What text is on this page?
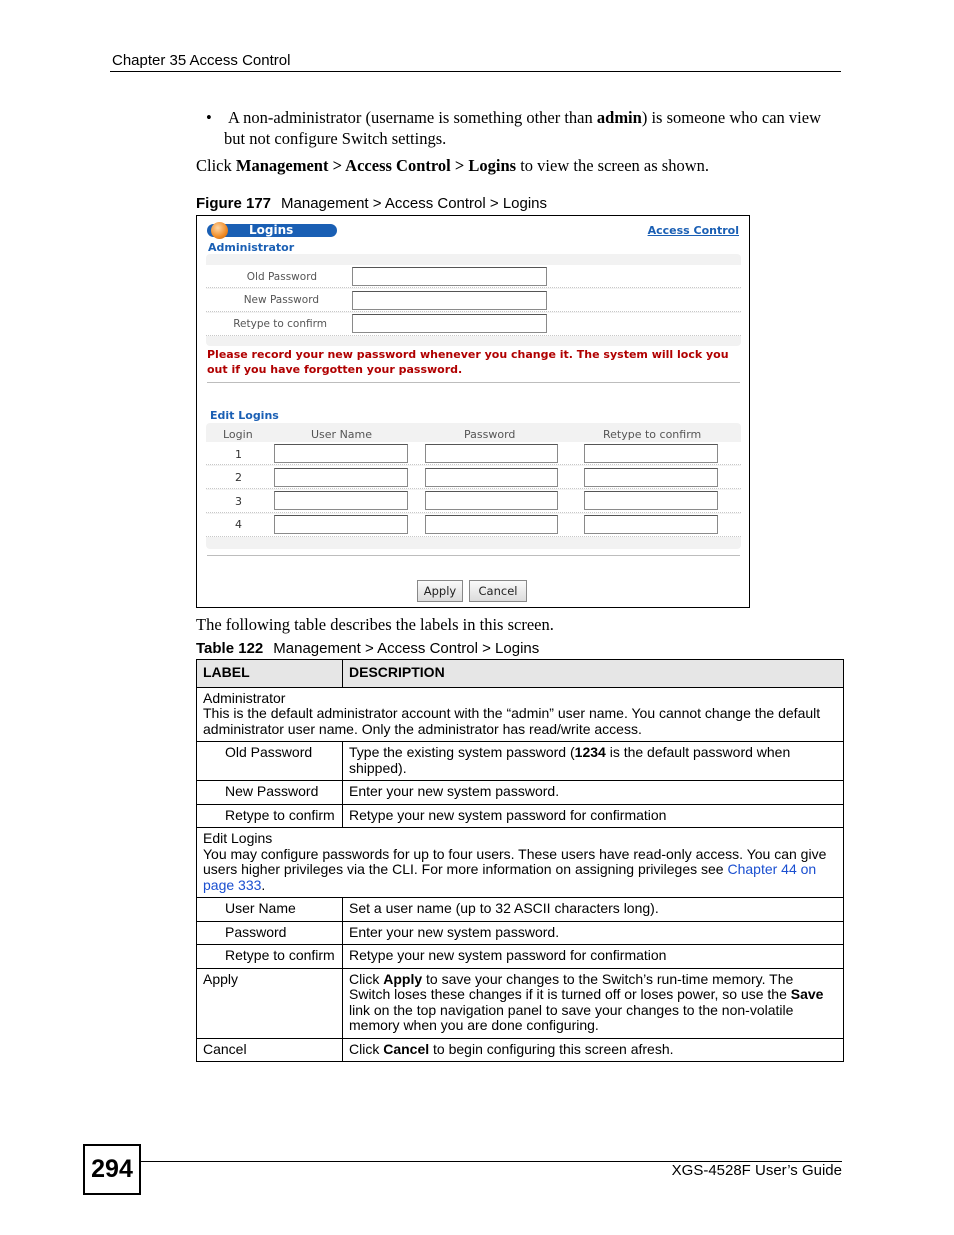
Chapter 35 Access Control
• A non-administrator (username is something other than admin) is someone who can view but not configure Switch settings.
Click Management > Access Control > Logins to view the screen as shown.
Figure 177 Management > Access Control > Logins
Logins	Access Control
Administrator
Old Password
New Password
Retype to confirm
Please record your new password whenever you change it. The system will lock you out if you have forgotten your password.
Edit Logins
Login	User Name	Password	Retype to confirm
1
2
3
4
Apply	Cancel
The following table describes the labels in this screen.
Table 122 Management > Access Control > Logins
LABEL	DESCRIPTION

Administrator
This is the default administrator account with the “admin” user name. You cannot change the default administrator user name. Only the administrator has read/write access.	

Old Password	Type the existing system password (1234 is the default password when shipped).
New Password	Enter your new system password.
Retype to confirm	Retype your new system password for confirmation

Edit Logins
You may configure passwords for up to four users. These users have read-only access. You can give users higher privileges via the CLI. For more information on assigning privileges see Chapter 44 on page 333.	

User Name	Set a user name (up to 32 ASCII characters long).
Password	Enter your new system password.
Retype to confirm	Retype your new system password for confirmation
Apply	Click Apply to save your changes to the Switch’s run-time memory. The Switch loses these changes if it is turned off or loses power, so use the Save link on the top navigation panel to save your changes to the non-volatile memory when you are done configuring.
Cancel	Click Cancel to begin configuring this screen afresh.
294	XGS-4528F User’s Guide
